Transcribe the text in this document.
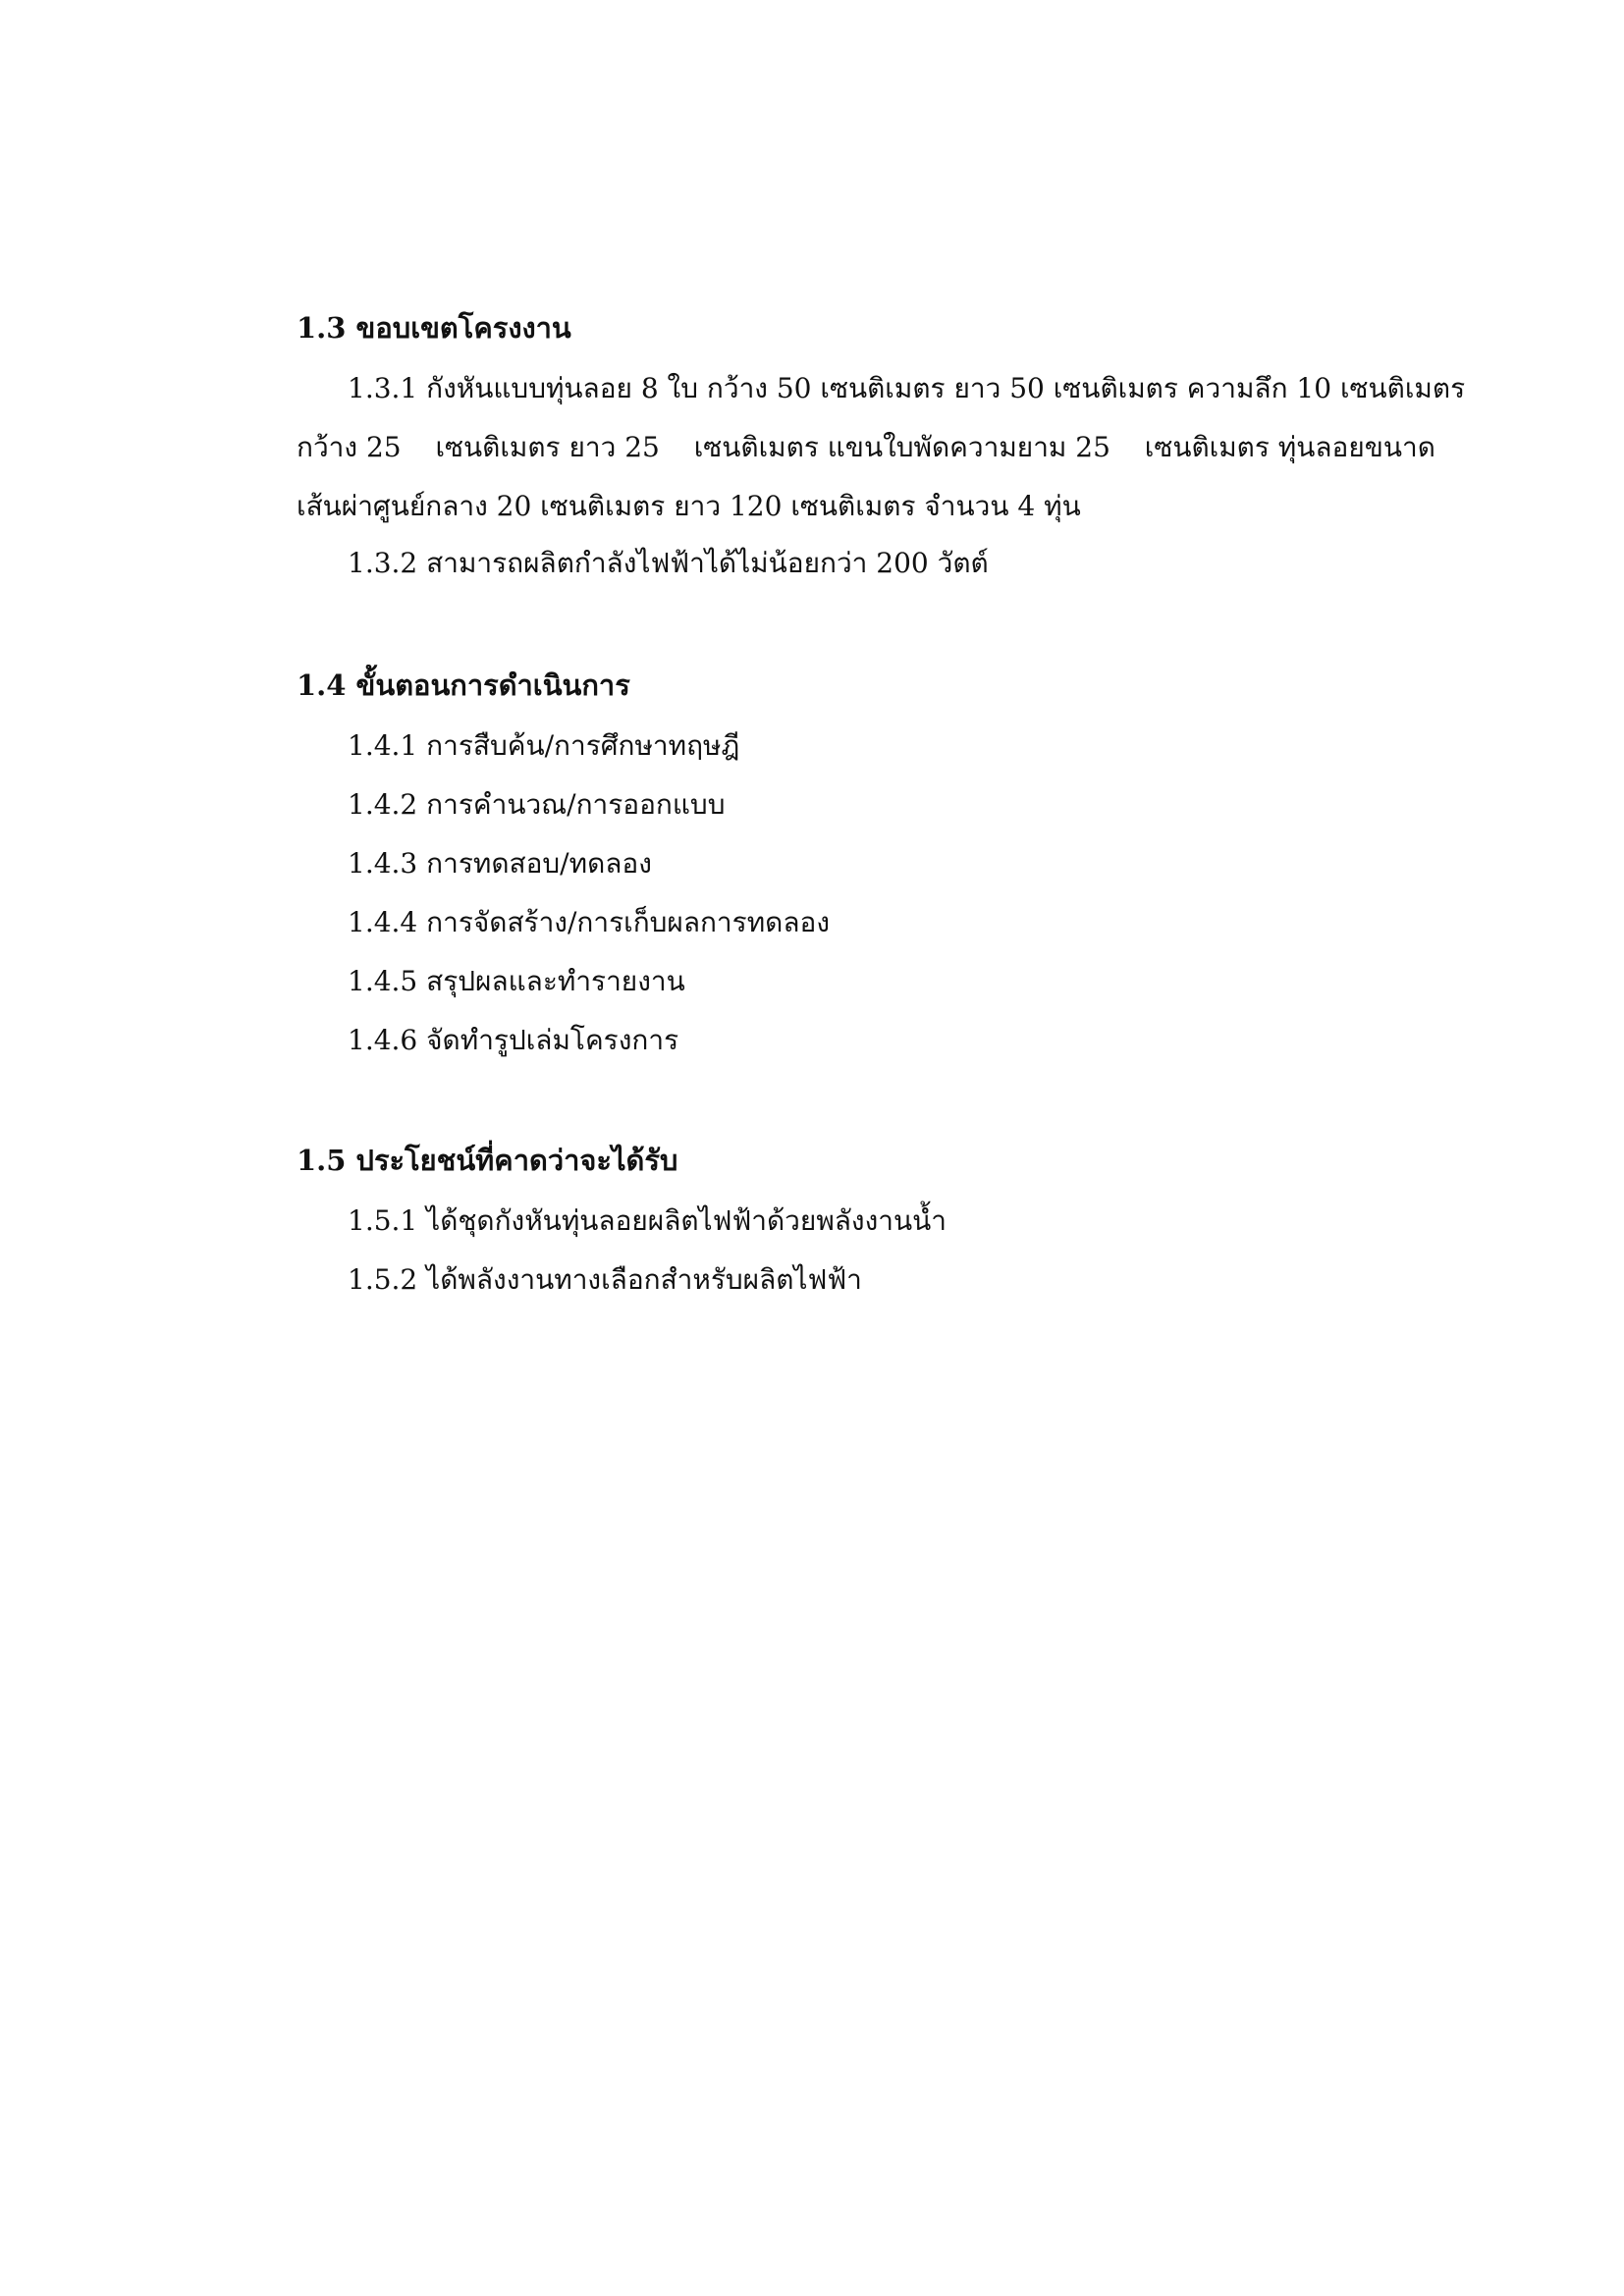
1.3 ขอบเขตโครงงาน
1.3.1 กังหันแบบทุ่นลอย 8 ใบ กว้าง 50 เซนติเมตร ยาว 50 เซนติเมตร ความลึก 10 เซนติเมตร
กว้าง 25 เซนติเมตร ยาว 25 เซนติเมตร แขนใบพัดความยาม 25 เซนติเมตร ทุ่นลอยขนาด
เส้นผ่าศูนย์กลาง 20 เซนติเมตร ยาว 120 เซนติเมตร จำนวน 4 ทุ่น
1.3.2 สามารถผลิตกำลังไฟฟ้าได้ไม่น้อยกว่า 200 วัตต์
1.4 ขั้นตอนการดำเนินการ
1.4.1 การสืบค้น/การศึกษาทฤษฎี
1.4.2 การคำนวณ/การออกแบบ
1.4.3 การทดสอบ/ทดลอง
1.4.4 การจัดสร้าง/การเก็บผลการทดลอง
1.4.5 สรุปผลและทำรายงาน
1.4.6 จัดทำรูปเล่มโครงการ
1.5 ประโยชน์ที่คาดว่าจะได้รับ
1.5.1 ได้ชุดกังหันทุ่นลอยผลิตไฟฟ้าด้วยพลังงานน้ำ
1.5.2 ได้พลังงานทางเลือกสำหรับผลิตไฟฟ้า
